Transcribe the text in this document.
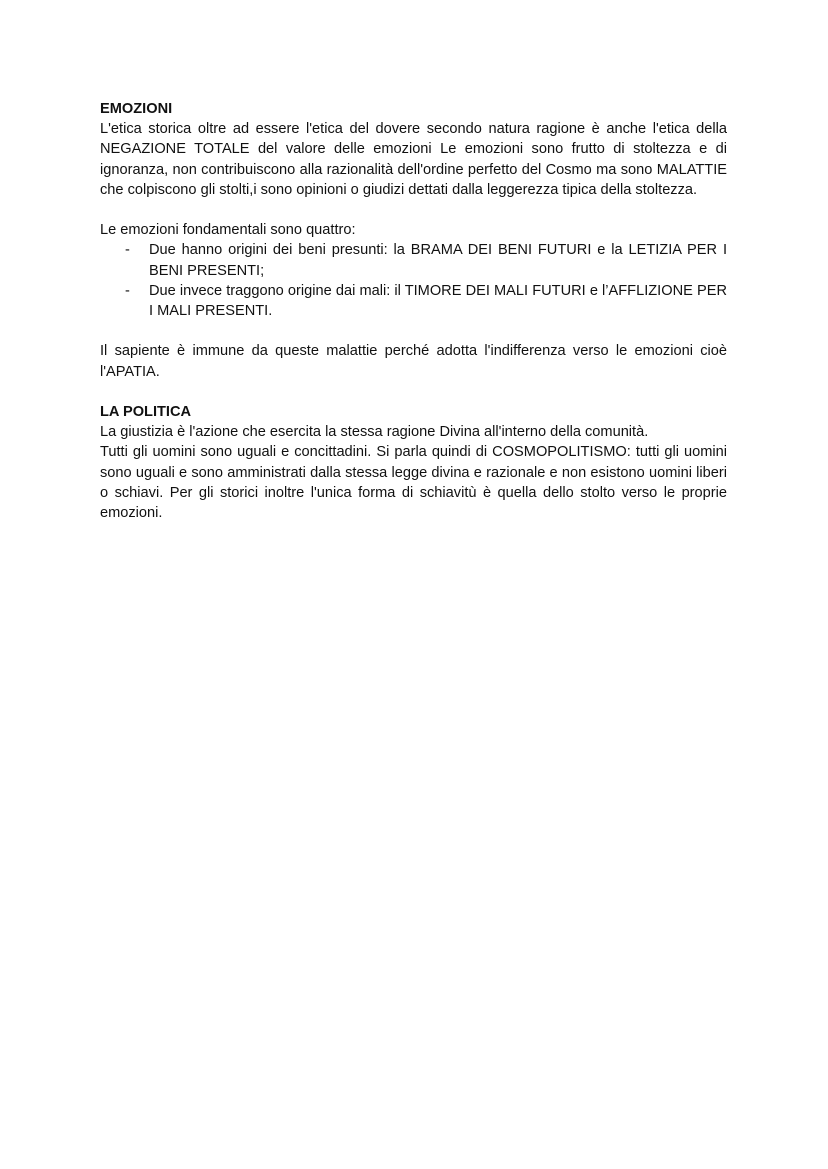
EMOZIONI

L'etica storica oltre ad essere l'etica del dovere secondo natura ragione è anche l'etica della NEGAZIONE TOTALE del valore delle emozioni Le emozioni sono frutto di stoltezza e di ignoranza, non contribuiscono alla razionalità dell'ordine perfetto del Cosmo ma sono MALATTIE che colpiscono gli stolti,i sono opinioni o giudizi dettati dalla leggerezza tipica della stoltezza.

Le emozioni fondamentali sono quattro:

- Due hanno origini dei beni presunti: la BRAMA DEI BENI FUTURI e la LETIZIA PER I BENI PRESENTI;
- Due invece traggono origine dai mali: il TIMORE DEI MALI FUTURI e l’AFFLIZIONE PER I MALI PRESENTI.

Il sapiente è immune da queste malattie perché adotta l'indifferenza verso le emozioni cioè l'APATIA.

LA POLITICA

La giustizia è l'azione che esercita la stessa ragione Divina all'interno della comunità.

Tutti gli uomini sono uguali e concittadini. Si parla quindi di COSMOPOLITISMO: tutti gli uomini sono uguali e sono amministrati dalla stessa legge divina e razionale e non esistono uomini liberi o schiavi. Per gli storici inoltre l'unica forma di schiavitù è quella dello stolto verso le proprie emozioni.
